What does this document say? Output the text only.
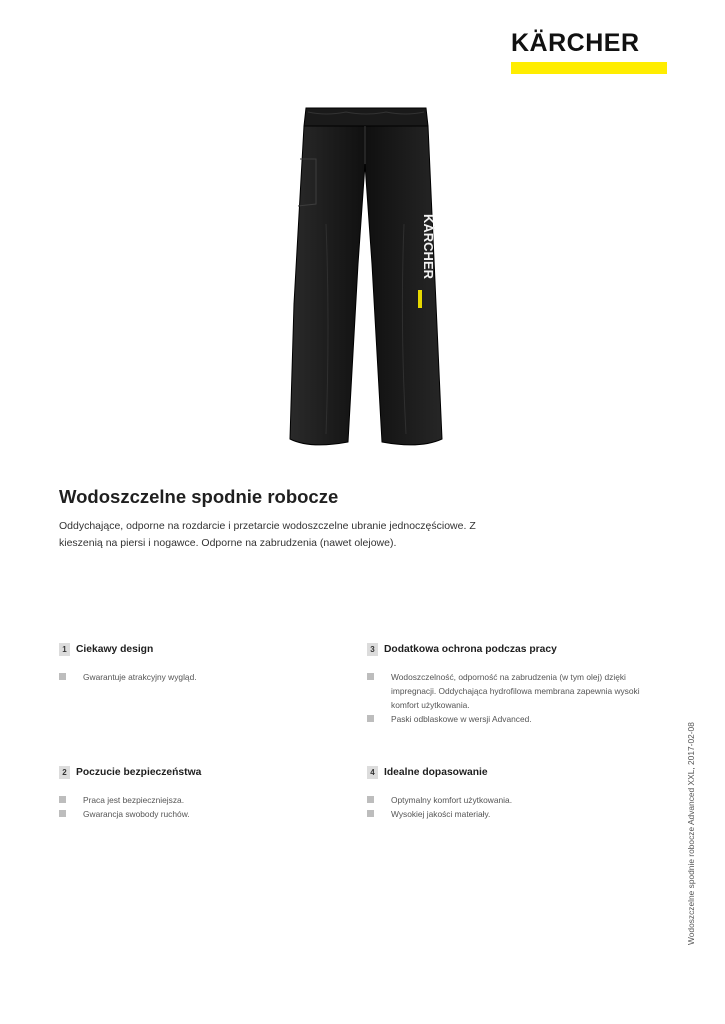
KÄRCHER
KÄRCHER
Wodoszczelne spodnie robocze

Oddychające, odporne na rozdarcie i przetarcie wodoszczelne ubranie jednoczęściowe. Z kieszenią na piersi i nogawce. Odporne na zabrudzenia (nawet olejowe).

1 Ciekawy design
Gwarantuje atrakcyjny wygląd.
3 Dodatkowa ochrona podczas pracy
Wodoszczelność, odporność na zabrudzenia (w tym olej) dzięki impregnacji. Oddychająca hydrofilowa membrana zapewnia wysoki komfort użytkowania.
Paski odblaskowe w wersji Advanced.
2 Poczucie bezpieczeństwa
Praca jest bezpieczniejsza.
Gwarancja swobody ruchów.
4 Idealne dopasowanie
Optymalny komfort użytkowania.
Wysokiej jakości materiały.	Wodoszczelne spodnie robocze Advanced XXL, 2017-02-08
